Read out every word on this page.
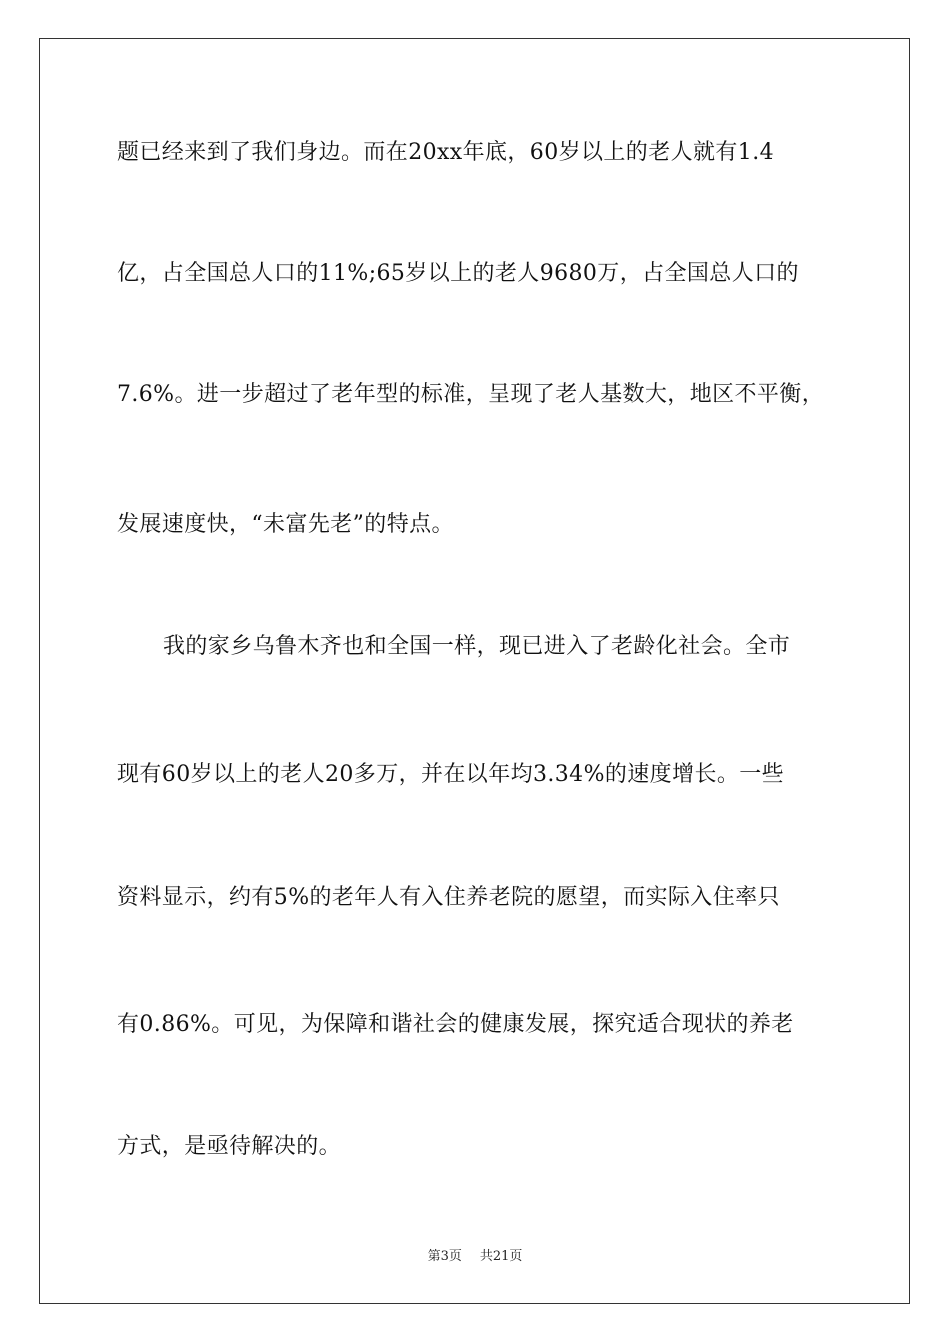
题已经来到了我们身边。而在20xx年底，60岁以上的老人就有1.4
亿，占全国总人口的11%;65岁以上的老人9680万，占全国总人口的
7.6%。进一步超过了老年型的标准，呈现了老人基数大，地区不平衡，
发展速度快，“未富先老”的特点。
我的家乡乌鲁木齐也和全国一样，现已进入了老龄化社会。全市
现有60岁以上的老人20多万，并在以年均3.34%的速度增长。一些
资料显示，约有5%的老年人有入住养老院的愿望，而实际入住率只
有0.86%。可见，为保障和谐社会的健康发展，探究适合现状的养老
方式，是亟待解决的。
第3页 共21页
